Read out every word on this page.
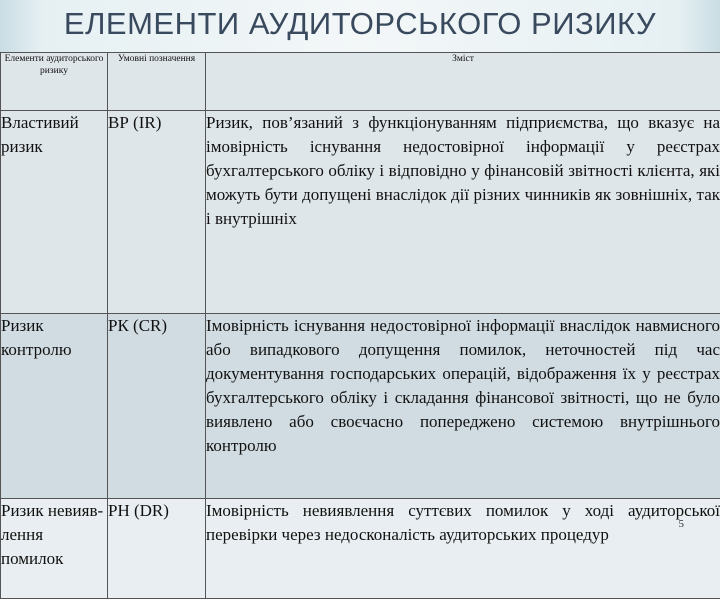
ЕЛЕМЕНТИ АУДИТОРСЬКОГО РИЗИКУ
Елементи аудиторського ризику	Умовні позначення	Зміст
Властивий ризик	ВР (IR)	Ризик, пов’язаний з функціонуванням підприємства, що вказує на імовірність існування недостовірної інформації у реєстрах бухгалтерського обліку і відповідно у фінансовій звітності клієнта, які можуть бути допущені внаслідок дії різних чинників як зовнішніх, так і внутрішніх
Ризик контролю	РК (CR)	Імовірність існування недостовірної інформації внаслідок навмисного або випадкового допущення помилок, неточностей під час документування господарських операцій, відображення їх у реєстрах бухгалтерського обліку і складання фінансової звітності, що не було виявлено або своєчасно попереджено системою внутрішнього контролю
Ризик невияв-лення помилок	РН (DR)	Імовірність невиявлення суттєвих помилок у ході аудиторської перевірки через недосконалість аудиторських процедур
5
